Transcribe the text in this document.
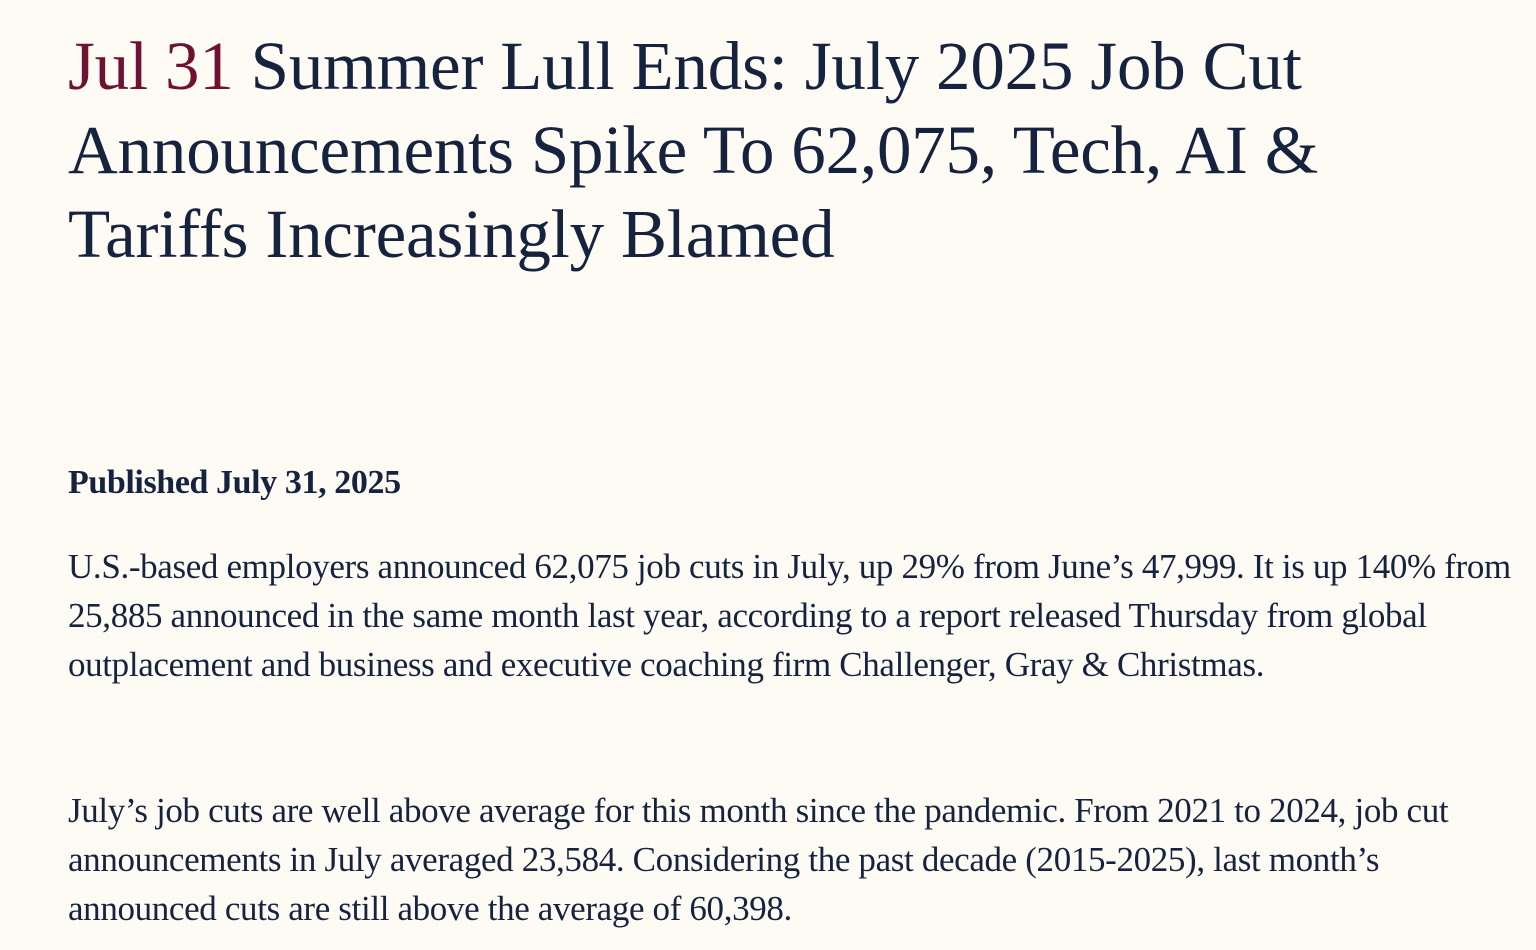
Jul 31 Summer Lull Ends: July 2025 Job Cut Announcements Spike To 62,075, Tech, AI & Tariffs Increasingly Blamed

Published July 31, 2025

U.S.-based employers announced 62,075 job cuts in July, up 29% from June’s 47,999. It is up 140% from 25,885 announced in the same month last year, according to a report released Thursday from global outplacement and business and executive coaching firm Challenger, Gray & Christmas.

July’s job cuts are well above average for this month since the pandemic. From 2021 to 2024, job cut announcements in July averaged 23,584. Considering the past decade (2015-2025), last month’s announced cuts are still above the average of 60,398.
